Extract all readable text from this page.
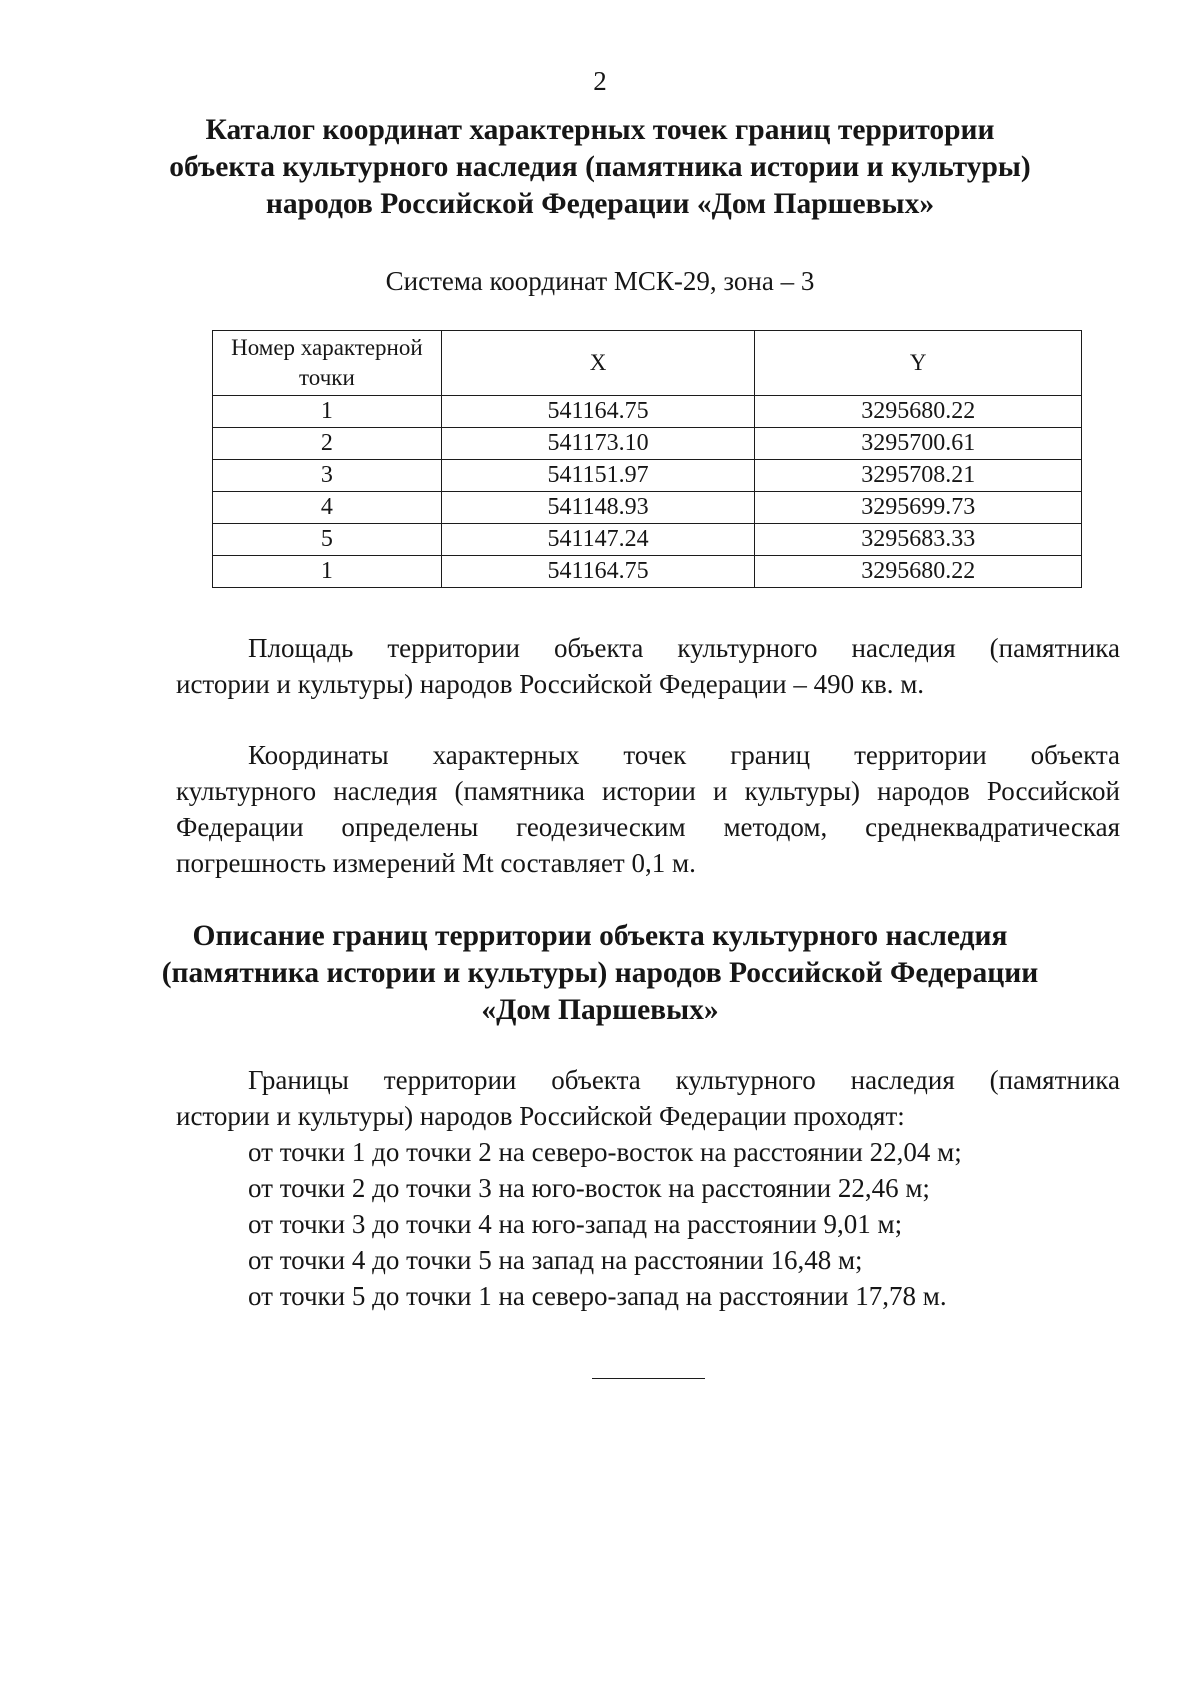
2
Каталог координат характерных точек границ территории
объекта культурного наследия (памятника истории и культуры)
народов Российской Федерации «Дом Паршевых»
Система координат МСК-29, зона – 3
Номер характерной
точки	X	Y
1	541164.75	3295680.22
2	541173.10	3295700.61
3	541151.97	3295708.21
4	541148.93	3295699.73
5	541147.24	3295683.33
1	541164.75	3295680.22
Площадь территории объекта культурного наследия (памятника
истории и культуры) народов Российской Федерации – 490 кв. м.
Координаты характерных точек границ территории объекта
культурного наследия (памятника истории и культуры) народов Российской
Федерации определены геодезическим методом, среднеквадратическая
погрешность измерений Mt составляет 0,1 м.
Описание границ территории объекта культурного наследия
(памятника истории и культуры) народов Российской Федерации
«Дом Паршевых»
Границы территории объекта культурного наследия (памятника
истории и культуры) народов Российской Федерации проходят:
от точки 1 до точки 2 на северо-восток на расстоянии 22,04 м;
от точки 2 до точки 3 на юго-восток на расстоянии 22,46 м;
от точки 3 до точки 4 на юго-запад на расстоянии 9,01 м;
от точки 4 до точки 5 на запад на расстоянии 16,48 м;
от точки 5 до точки 1 на северо-запад на расстоянии 17,78 м.
